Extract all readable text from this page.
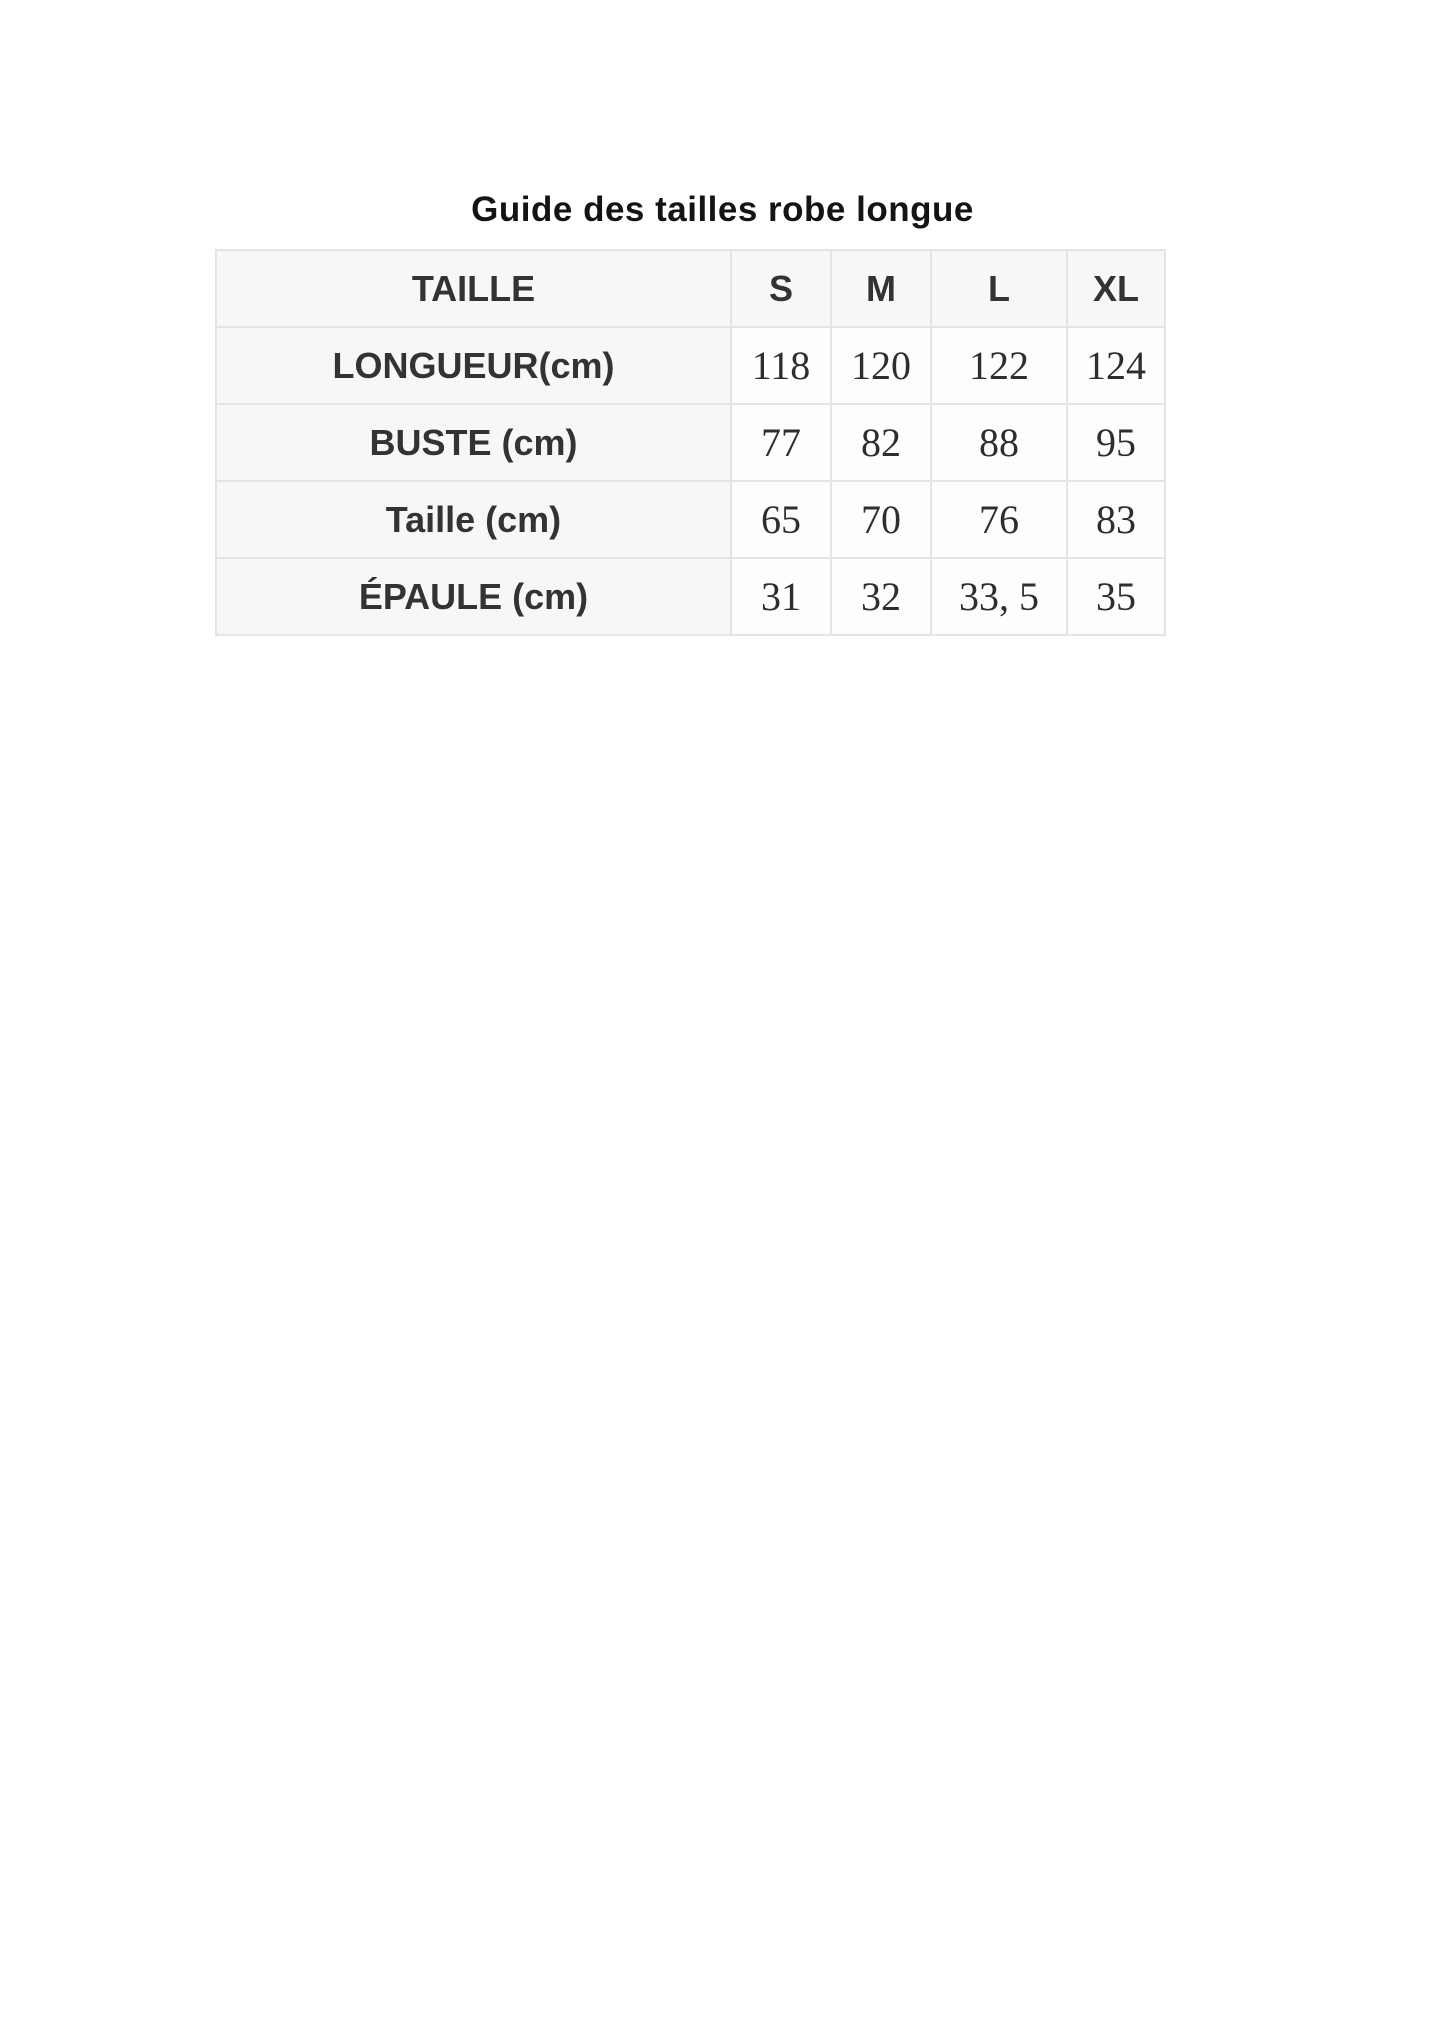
Guide des tailles robe longue
TAILLE	S	M	L	XL
LONGUEUR(cm)	118	120	122	124
BUSTE (cm)	77	82	88	95
Taille (cm)	65	70	76	83
ÉPAULE (cm)	31	32	33, 5	35
